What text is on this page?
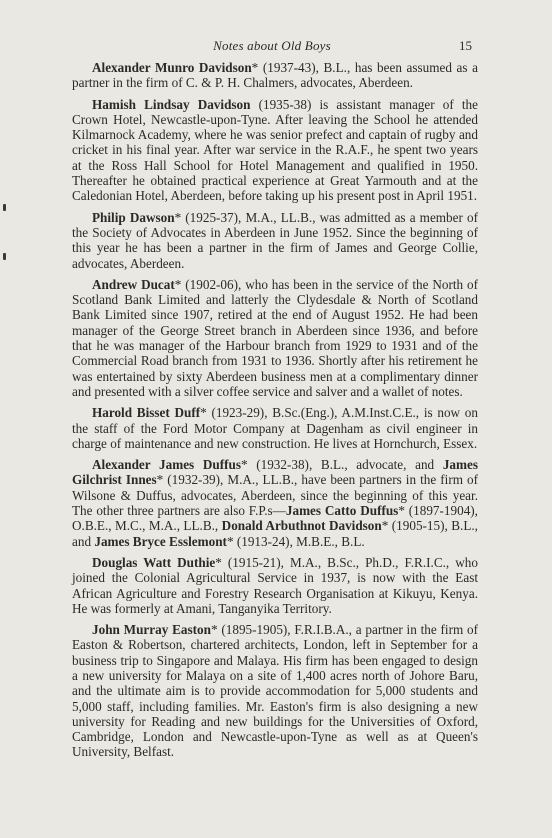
Notes about Old Boys	15

Alexander Munro Davidson* (1937-43), B.L., has been assumed as a partner in the firm of C. & P. H. Chalmers, advocates, Aberdeen.

Hamish Lindsay Davidson (1935-38) is assistant manager of the Crown Hotel, Newcastle-upon-Tyne. After leaving the School he attended Kilmarnock Academy, where he was senior prefect and captain of rugby and cricket in his final year. After war service in the R.A.F., he spent two years at the Ross Hall School for Hotel Management and qualified in 1950. Thereafter he obtained practical experience at Great Yarmouth and at the Caledonian Hotel, Aberdeen, before taking up his present post in April 1951.

Philip Dawson* (1925-37), M.A., LL.B., was admitted as a member of the Society of Advocates in Aberdeen in June 1952. Since the beginning of this year he has been a partner in the firm of James and George Collie, advocates, Aberdeen.

Andrew Ducat* (1902-06), who has been in the service of the North of Scotland Bank Limited and latterly the Clydesdale & North of Scotland Bank Limited since 1907, retired at the end of August 1952. He had been manager of the George Street branch in Aberdeen since 1936, and before that he was manager of the Harbour branch from 1929 to 1931 and of the Commercial Road branch from 1931 to 1936. Shortly after his retirement he was entertained by sixty Aberdeen business men at a complimentary dinner and presented with a silver coffee service and salver and a wallet of notes.

Harold Bisset Duff* (1923-29), B.Sc.(Eng.), A.M.Inst.C.E., is now on the staff of the Ford Motor Company at Dagenham as civil engineer in charge of maintenance and new construction. He lives at Hornchurch, Essex.

Alexander James Duffus* (1932-38), B.L., advocate, and James Gilchrist Innes* (1932-39), M.A., LL.B., have been partners in the firm of Wilsone & Duffus, advocates, Aberdeen, since the beginning of this year. The other three partners are also F.P.s—James Catto Duffus* (1897-1904), O.B.E., M.C., M.A., LL.B., Donald Arbuthnot Davidson* (1905-15), B.L., and James Bryce Esslemont* (1913-24), M.B.E., B.L.

Douglas Watt Duthie* (1915-21), M.A., B.Sc., Ph.D., F.R.I.C., who joined the Colonial Agricultural Service in 1937, is now with the East African Agriculture and Forestry Research Organisation at Kikuyu, Kenya. He was formerly at Amani, Tanganyika Territory.

John Murray Easton* (1895-1905), F.R.I.B.A., a partner in the firm of Easton & Robertson, chartered architects, London, left in September for a business trip to Singapore and Malaya. His firm has been engaged to design a new university for Malaya on a site of 1,400 acres north of Johore Baru, and the ultimate aim is to provide accommodation for 5,000 students and 5,000 staff, including families. Mr. Easton's firm is also designing a new university for Reading and new buildings for the Universities of Oxford, Cambridge, London and Newcastle-upon-Tyne as well as at Queen's University, Belfast.
